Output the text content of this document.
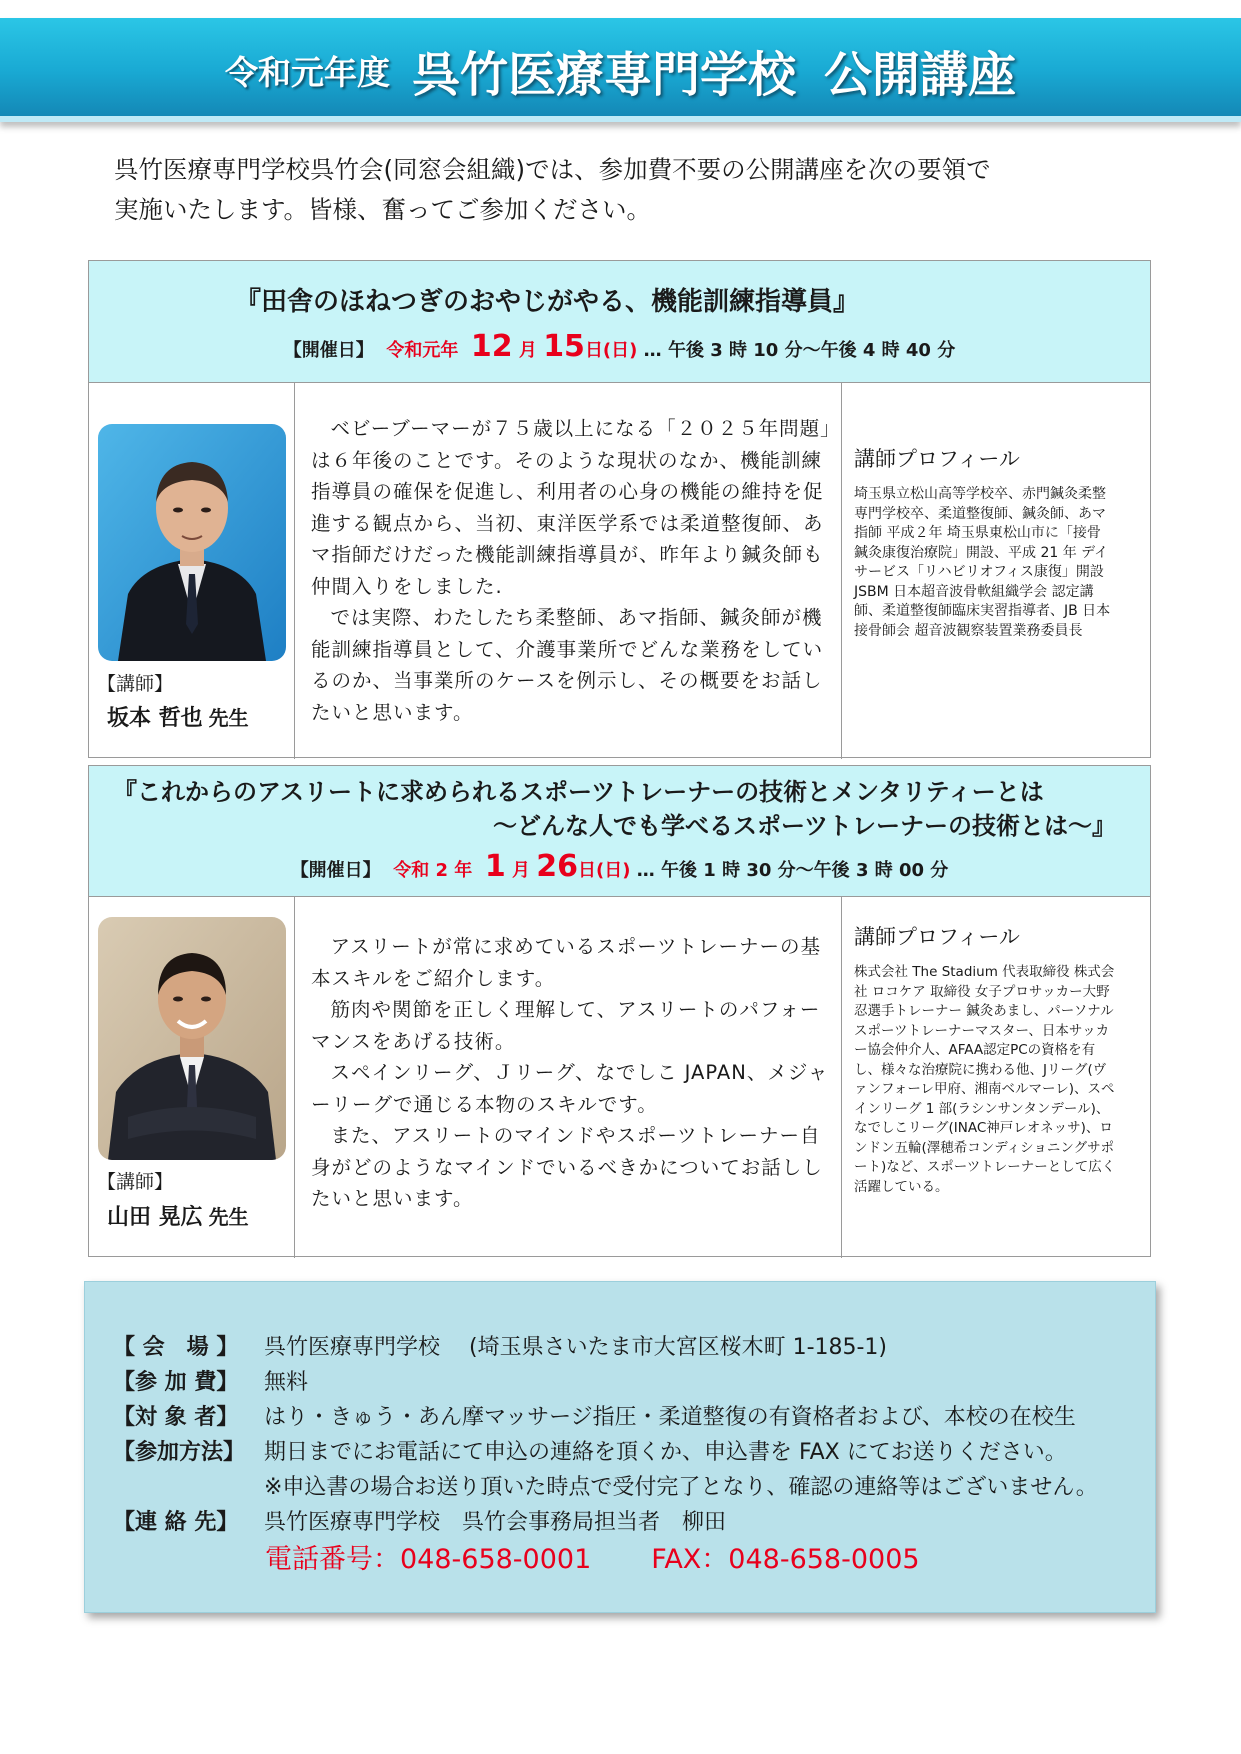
令和元年度 呉竹医療専門学校 公開講座
呉竹医療専門学校呉竹会(同窓会組織)では、参加費不要の公開講座を次の要領で
実施いたします。皆様、奮ってご参加ください。
『田舎のほねつぎのおやじがやる、機能訓練指導員』
【開催日】 令和元年 12 月 15日(日) … 午後 3 時 10 分～午後 4 時 40 分
【講師】
坂本 哲也 先生

ベビーブーマーが７５歳以上になる「２０２５年問題」は６年後のことです。そのような現状のなか、機能訓練指導員の確保を促進し、利用者の心身の機能の維持を促進する観点から、当初、東洋医学系では柔道整復師、あマ指師だけだった機能訓練指導員が、昨年より鍼灸師も仲間入りをしました.

では実際、わたしたち柔整師、あマ指師、鍼灸師が機能訓練指導員として、介護事業所でどんな業務をしているのか、当事業所のケースを例示し、その概要をお話したいと思います。

講師プロフィール
埼玉県立松山高等学校卒、赤門鍼灸柔整専門学校卒、柔道整復師、鍼灸師、あマ指師 平成２年 埼玉県東松山市に「接骨 鍼灸康復治療院」開設、平成 21 年 デイサービス「リハビリオフィス康復」開設 JSBM 日本超音波骨軟組織学会 認定講師、柔道整復師臨床実習指導者、JB 日本接骨師会 超音波観察装置業務委員長
『これからのアスリートに求められるスポーツトレーナーの技術とメンタリティーとは
～どんな人でも学べるスポーツトレーナーの技術とは～』
【開催日】 令和 2 年 1 月 26日(日) … 午後 1 時 30 分～午後 3 時 00 分
【講師】
山田 晃広 先生

アスリートが常に求めているスポーツトレーナーの基本スキルをご紹介します。

筋肉や関節を正しく理解して、アスリートのパフォーマンスをあげる技術。

スペインリーグ、Ｊリーグ、なでしこ JAPAN、メジャーリーグで通じる本物のスキルです。

また、アスリートのマインドやスポーツトレーナー自身がどのようなマインドでいるべきかについてお話ししたいと思います。

講師プロフィール
株式会社 The Stadium 代表取締役 株式会社 ロコケア 取締役 女子プロサッカー大野忍選手トレーナー 鍼灸あまし、パーソナルスポーツトレーナーマスター、日本サッカー協会仲介人、AFAA認定PCの資格を有し、様々な治療院に携わる他、Jリーグ(ヴァンフォーレ甲府、湘南ベルマーレ)、スペインリーグ 1 部(ラシンサンタンデール)、なでしこリーグ(INAC神戸レオネッサ)、ロンドン五輪(澤穂希コンディショニングサポート)など、スポーツトレーナーとして広く活躍している。
【 会　場 】 呉竹医療専門学校　 (埼玉県さいたま市大宮区桜木町 1-185-1)
【参 加 費】 無料
【対 象 者】 はり・きゅう・あん摩マッサージ指圧・柔道整復の有資格者および、本校の在校生
【参加方法】 期日までにお電話にて申込の連絡を頂くか、申込書を FAX にてお送りください。
※申込書の場合お送り頂いた時点で受付完了となり、確認の連絡等はございません。
【連 絡 先】 呉竹医療専門学校　呉竹会事務局担当者　柳田
電話番号：048-658-0001 FAX：048-658-0005
